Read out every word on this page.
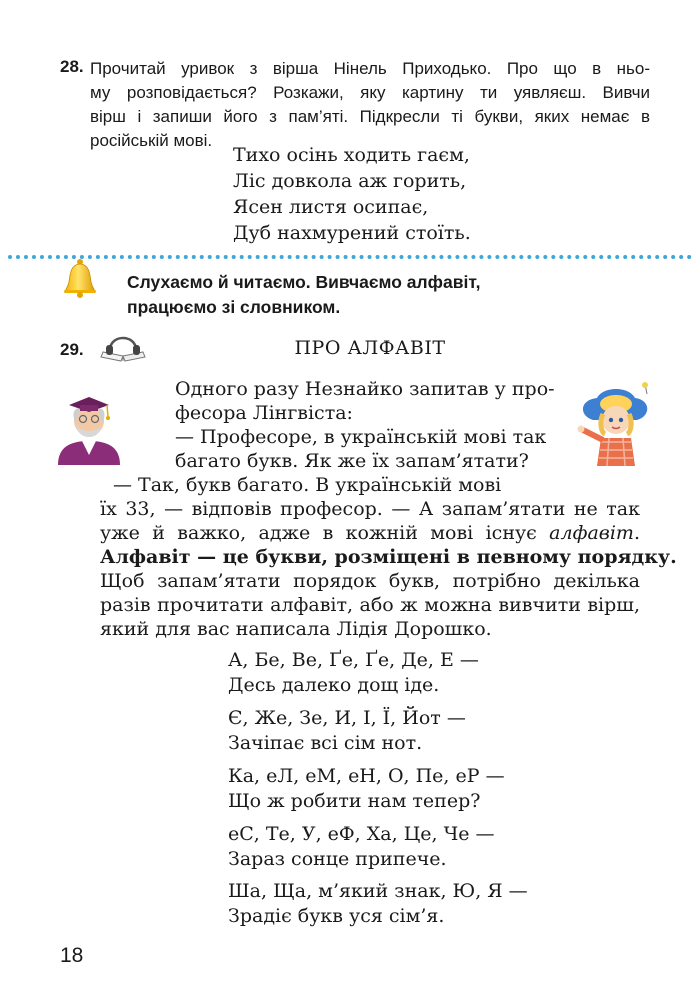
28. Прочитай уривок з вірша Нінель Приходько. Про що в ньо-
му розповідається? Розкажи, яку картину ти уявляєш. Вивчи
вірш і запиши його з пам’яті. Підкресли ті букви, яких немає в
російській мові.
Тихо осінь ходить гаєм,
Ліс довкола аж горить,
Ясен листя осипає,
Дуб нахмурений стоїть.
Слухаємо й читаємо. Вивчаємо алфавіт,
працюємо зі словником.
29.	ПРО АЛФАВІТ
Одного разу Незнайко запитав у про-
фесора Лінгвіста:
— Професоре, в українській мові так
багато букв. Як же їх запам’ятати?
— Так, букв багато. В українській мові
їх 33, — відповів професор. — А запам’ятати не так
уже й важко, адже в кожній мові існує алфавіт.
Алфавіт — це букви, розміщені в певному порядку.
Щоб запам’ятати порядок букв, потрібно декілька
разів прочитати алфавіт, або ж можна вивчити вірш,
який для вас написала Лідія Дорошко.
А, Бе, Ве, Ґе, Ґе, Де, Е —
Десь далеко дощ іде.
Є, Же, Зе, И, І, Ї, Йот —
Зачіпає всі сім нот.
Ка, еЛ, еМ, еН, О, Пе, еР —
Що ж робити нам тепер?
еС, Те, У, еФ, Ха, Це, Че —
Зараз сонце припече.
Ша, Ща, м’який знак, Ю, Я —
Зрадіє букв уся сім’я.
18
